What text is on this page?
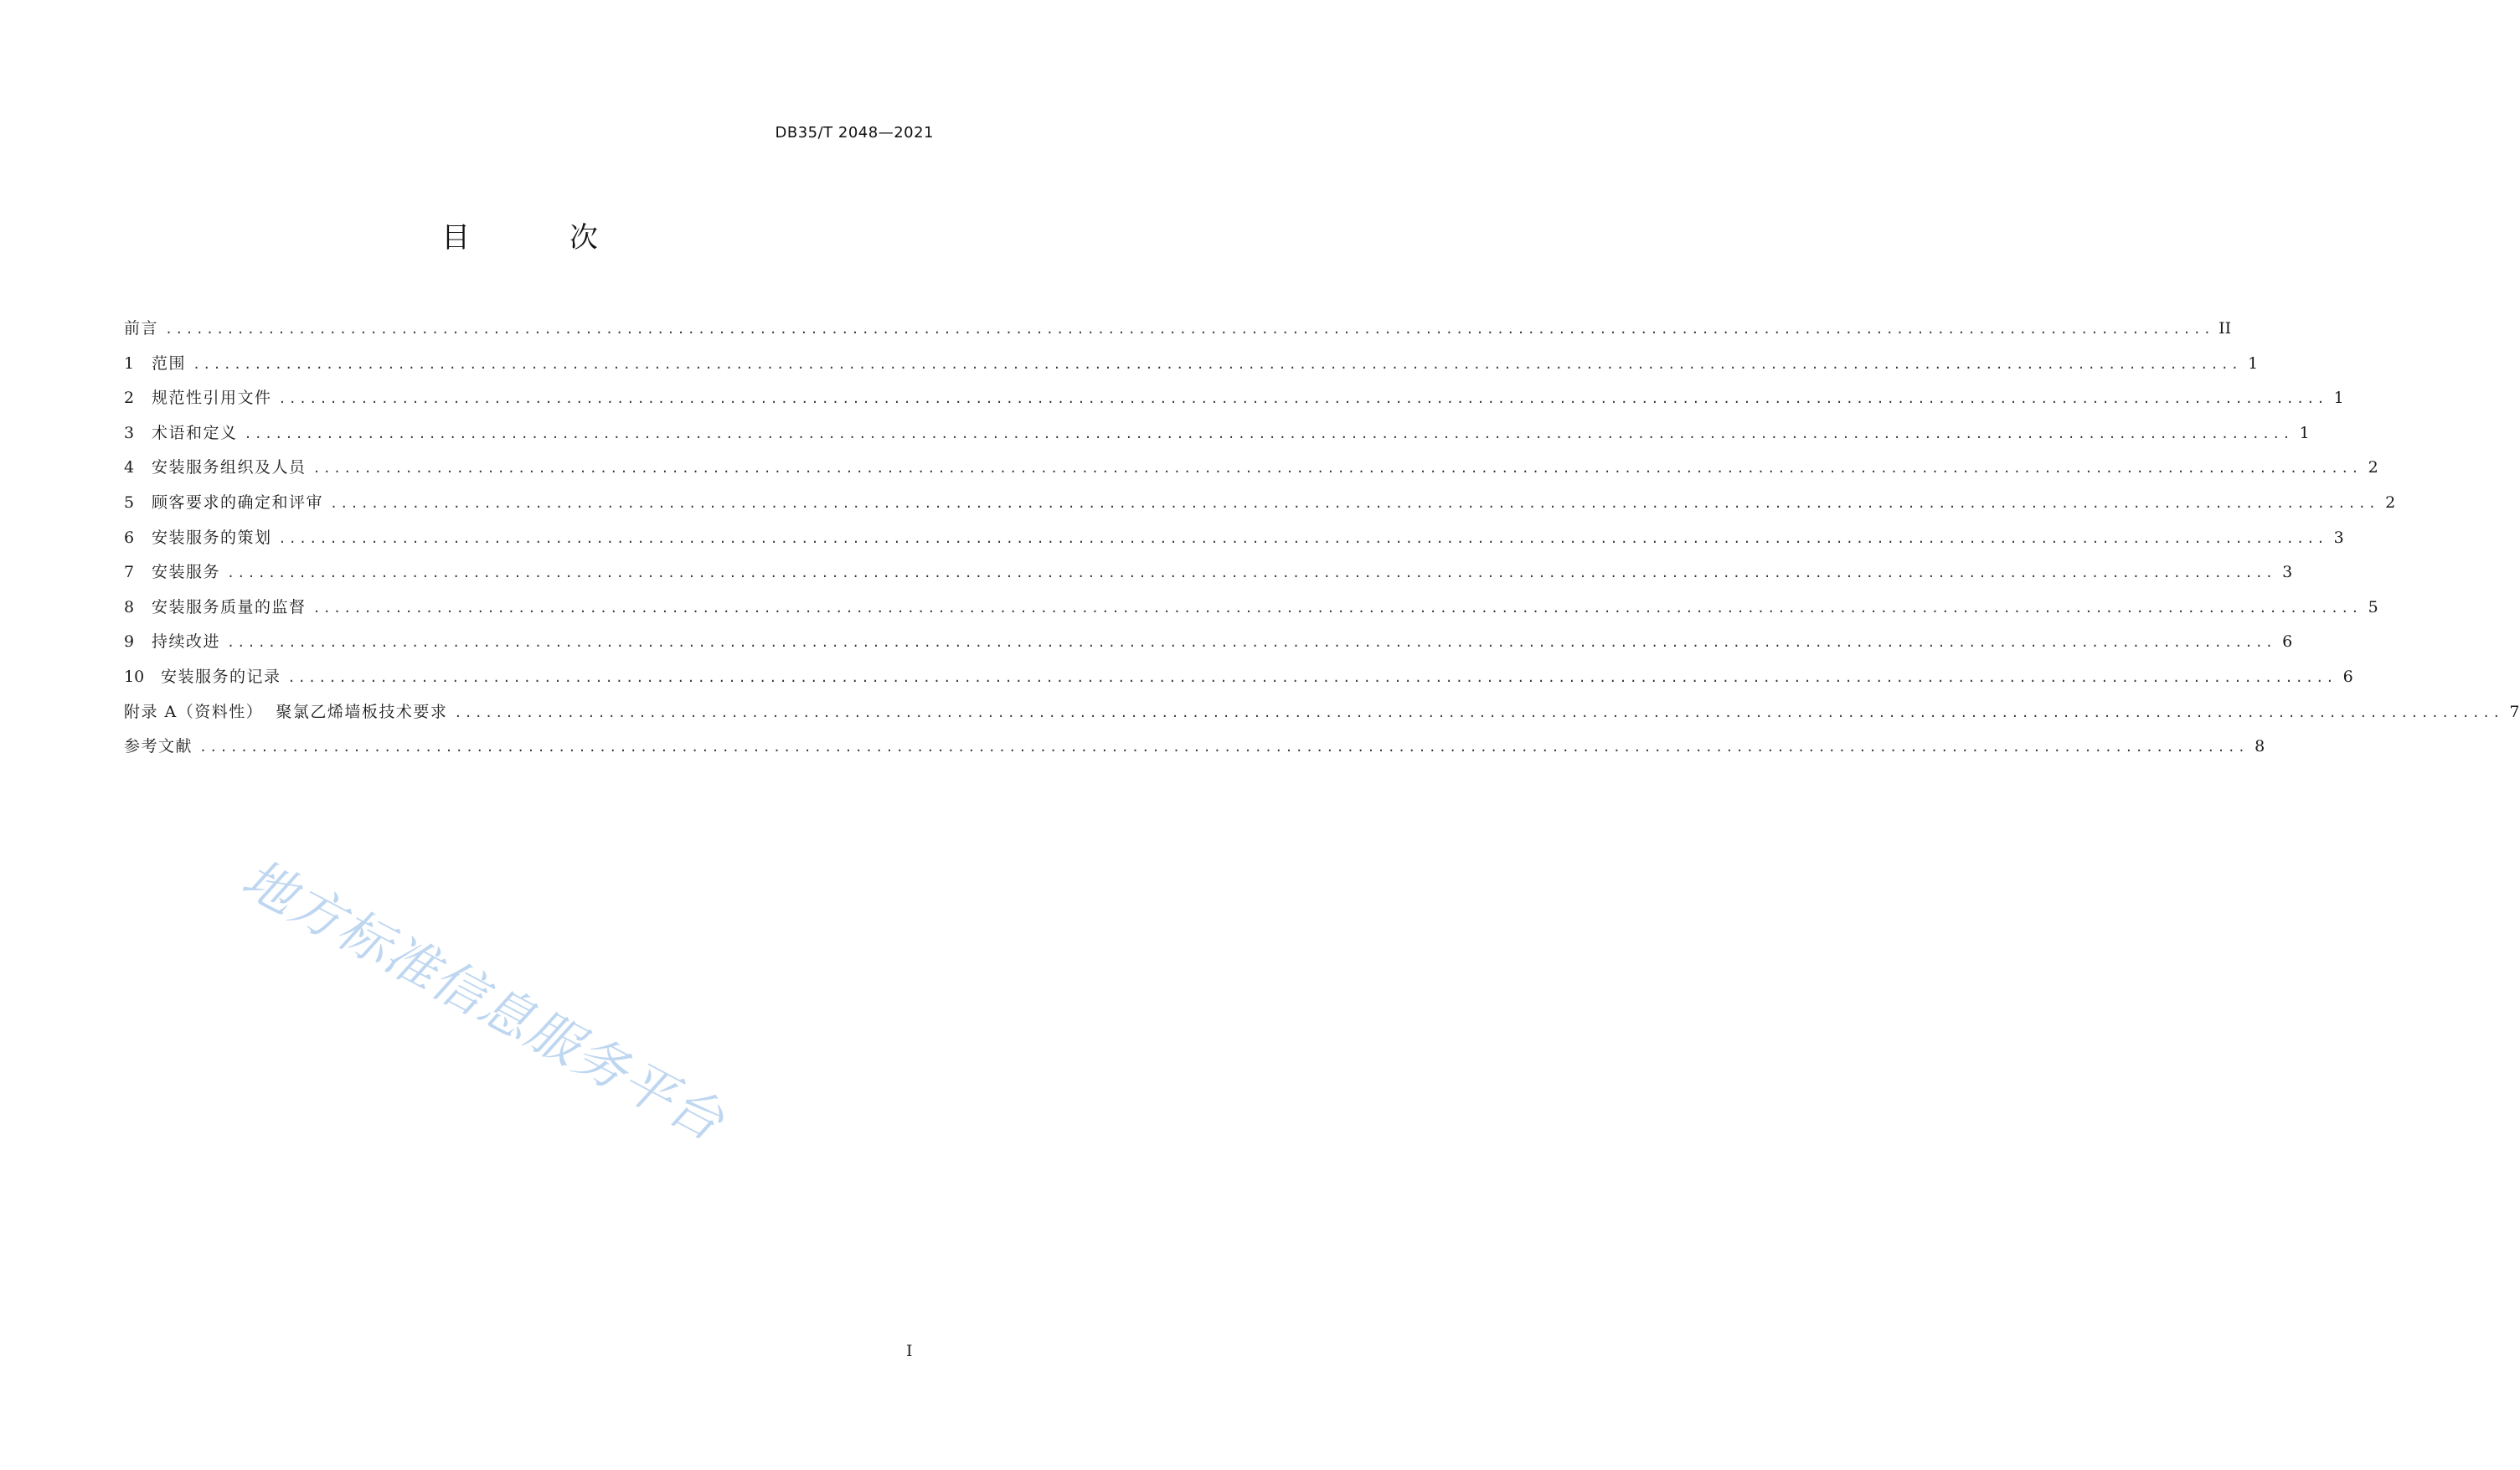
DB35/T 2048—2021
目 次
前言 ........................................................................................................................................................................................................ II
1	范围 ........................................................................................................................................................................................................ 1
2	规范性引用文件 ........................................................................................................................................................................................................ 1
3	术语和定义 ........................................................................................................................................................................................................ 1
4	安装服务组织及人员 ........................................................................................................................................................................................................ 2
5	顾客要求的确定和评审 ........................................................................................................................................................................................................ 2
6	安装服务的策划 ........................................................................................................................................................................................................ 3
7	安装服务 ........................................................................................................................................................................................................ 3
8	安装服务质量的监督 ........................................................................................................................................................................................................ 5
9	持续改进 ........................................................................................................................................................................................................ 6
10	安装服务的记录 ........................................................................................................................................................................................................ 6
附录 A（资料性）  聚氯乙烯墙板技术要求 ........................................................................................................................................................................................................ 7
参考文献 ........................................................................................................................................................................................................ 8
地方标准信息服务平台
I
